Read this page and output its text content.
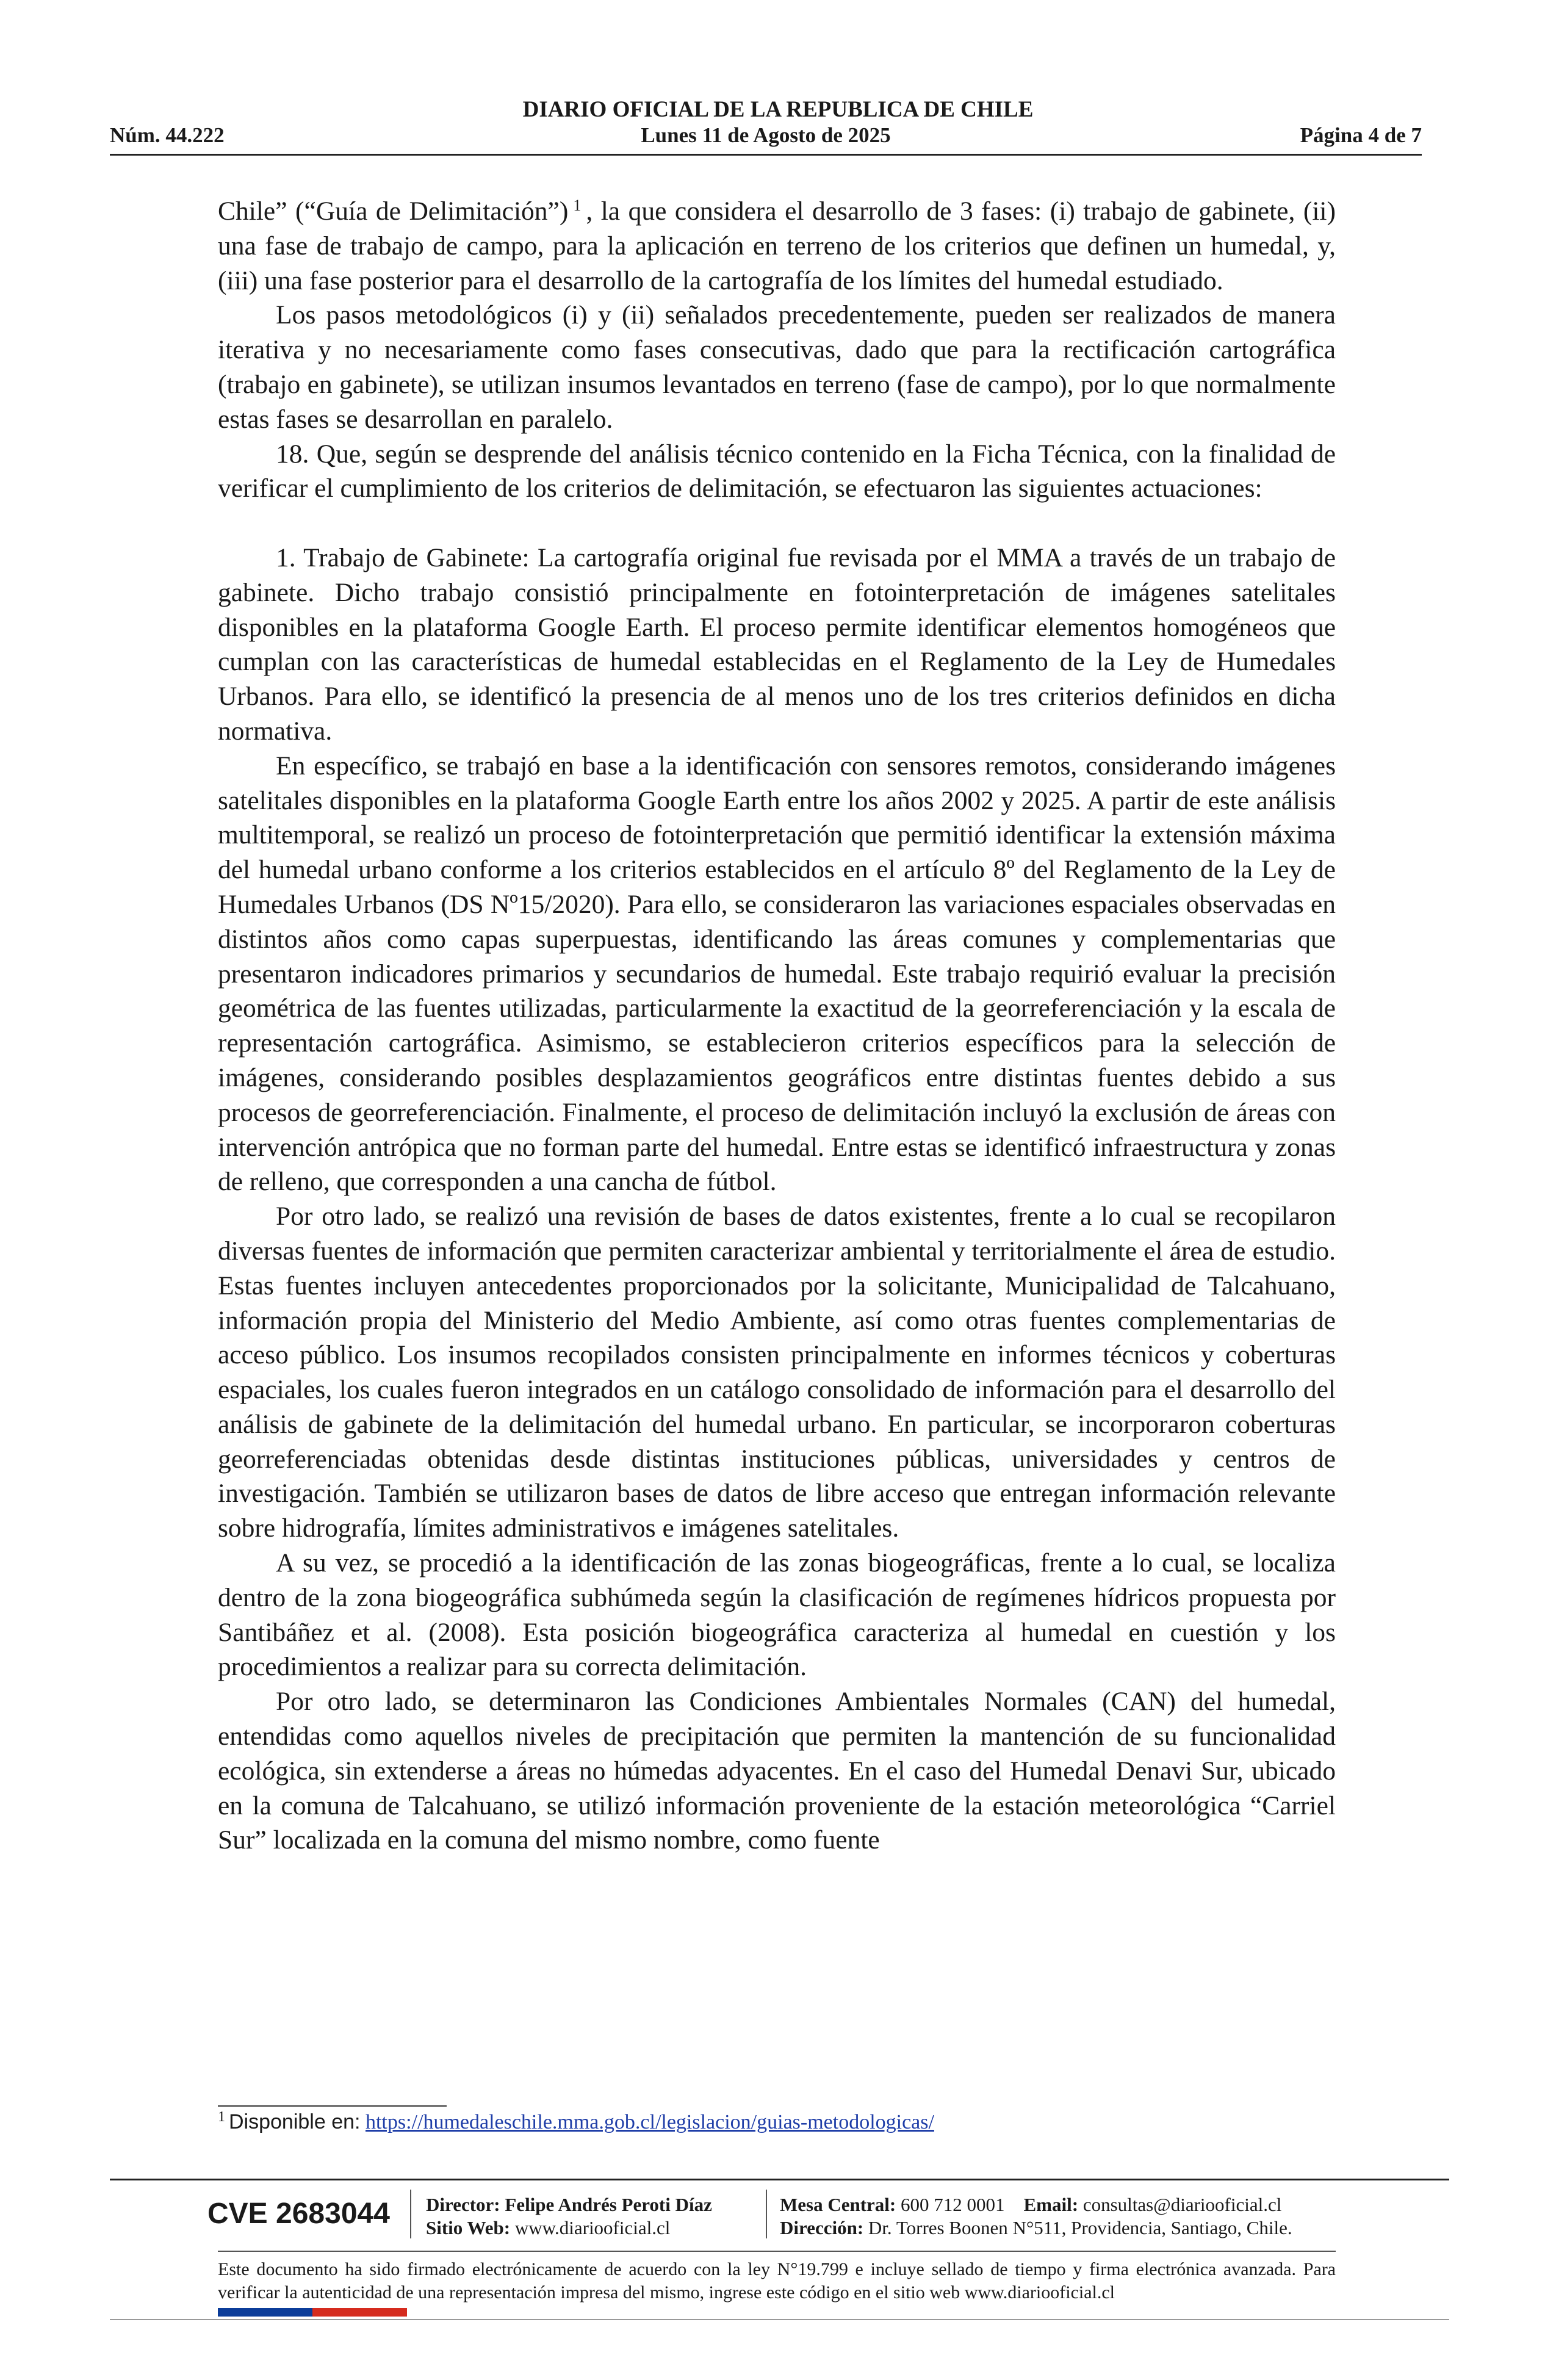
DIARIO OFICIAL DE LA REPUBLICA DE CHILE
Núm. 44.222	Lunes 11 de Agosto de 2025	Página 4 de 7

Chile” (“Guía de Delimitación”) $^1$ , la que considera el desarrollo de 3 fases: (i) trabajo de gabinete, (ii) una fase de trabajo de campo, para la aplicación en terreno de los criterios que definen un humedal, y,(iii) una fase posterior para el desarrollo de la cartografía de los límites del humedal estudiado.

Los pasos metodológicos (i) y (ii) señalados precedentemente, pueden ser realizados de manera iterativa y no necesariamente como fases consecutivas, dado que para la rectificación cartográfica (trabajo en gabinete), se utilizan insumos levantados en terreno (fase de campo), por lo que normalmente estas fases se desarrollan en paralelo.

18. Que, según se desprende del análisis técnico contenido en la Ficha Técnica, con la finalidad de verificar el cumplimiento de los criterios de delimitación, se efectuaron las siguientes actuaciones:

1. Trabajo de Gabinete: La cartografía original fue revisada por el MMA a través de un trabajo de gabinete. Dicho trabajo consistió principalmente en fotointerpretación de imágenes satelitales disponibles en la plataforma Google Earth. El proceso permite identificar elementos homogéneos que cumplan con las características de humedal establecidas en el Reglamento de la Ley de Humedales Urbanos. Para ello, se identificó la presencia de al menos uno de los tres criterios definidos en dicha normativa.

En específico, se trabajó en base a la identificación con sensores remotos, considerando imágenes satelitales disponibles en la plataforma Google Earth entre los años 2002 y 2025. A partir de este análisis multitemporal, se realizó un proceso de fotointerpretación que permitió identificar la extensión máxima del humedal urbano conforme a los criterios establecidos en el artículo 8º del Reglamento de la Ley de Humedales Urbanos (DS Nº15/2020). Para ello, se consideraron las variaciones espaciales observadas en distintos años como capas superpuestas, identificando las áreas comunes y complementarias que presentaron indicadores primarios y secundarios de humedal. Este trabajo requirió evaluar la precisión geométrica de las fuentes utilizadas, particularmente la exactitud de la georreferenciación y la escala de representación cartográfica. Asimismo, se establecieron criterios específicos para la selección de imágenes, considerando posibles desplazamientos geográficos entre distintas fuentes debido a sus procesos de georreferenciación. Finalmente, el proceso de delimitación incluyó la exclusión de áreas con intervención antrópica que no forman parte del humedal. Entre estas se identificó infraestructura y zonas de relleno, que corresponden a una cancha de fútbol.

Por otro lado, se realizó una revisión de bases de datos existentes, frente a lo cual se recopilaron diversas fuentes de información que permiten caracterizar ambiental y territorialmente el área de estudio. Estas fuentes incluyen antecedentes proporcionados por la solicitante, Municipalidad de Talcahuano, información propia del Ministerio del Medio Ambiente, así como otras fuentes complementarias de acceso público. Los insumos recopilados consisten principalmente en informes técnicos y coberturas espaciales, los cuales fueron integrados en un catálogo consolidado de información para el desarrollo del análisis de gabinete de la delimitación del humedal urbano. En particular, se incorporaron coberturas georreferenciadas obtenidas desde distintas instituciones públicas, universidades y centros de investigación. También se utilizaron bases de datos de libre acceso que entregan información relevante sobre hidrografía, límites administrativos e imágenes satelitales.

A su vez, se procedió a la identificación de las zonas biogeográficas, frente a lo cual, se localiza dentro de la zona biogeográfica subhúmeda según la clasificación de regímenes hídricos propuesta por Santibáñez et al. (2008). Esta posición biogeográfica caracteriza al humedal en cuestión y los procedimientos a realizar para su correcta delimitación.

Por otro lado, se determinaron las Condiciones Ambientales Normales (CAN) del humedal, entendidas como aquellos niveles de precipitación que permiten la mantención de su funcionalidad ecológica, sin extenderse a áreas no húmedas adyacentes. En el caso del Humedal Denavi Sur, ubicado en la comuna de Talcahuano, se utilizó información proveniente de la estación meteorológica “Carriel Sur” localizada en la comuna del mismo nombre, como fuente

$^1$ Disponible en: https://humedaleschile.mma.gob.cl/legislacion/guias-metodologicas/
CVE 2683044 Director: Felipe Andrés Peroti Díaz
Sitio Web: www.diariooficial.cl
Mesa Central: 600 712 0001 Email: consultas@diariooficial.cl
Dirección: Dr. Torres Boonen N°511, Providencia, Santiago, Chile.
Este documento ha sido firmado electrónicamente de acuerdo con la ley N°19.799 e incluye sellado de tiempo y firma electrónica avanzada. Para verificar la autenticidad de una representación impresa del mismo, ingrese este código en el sitio web www.diariooficial.cl
